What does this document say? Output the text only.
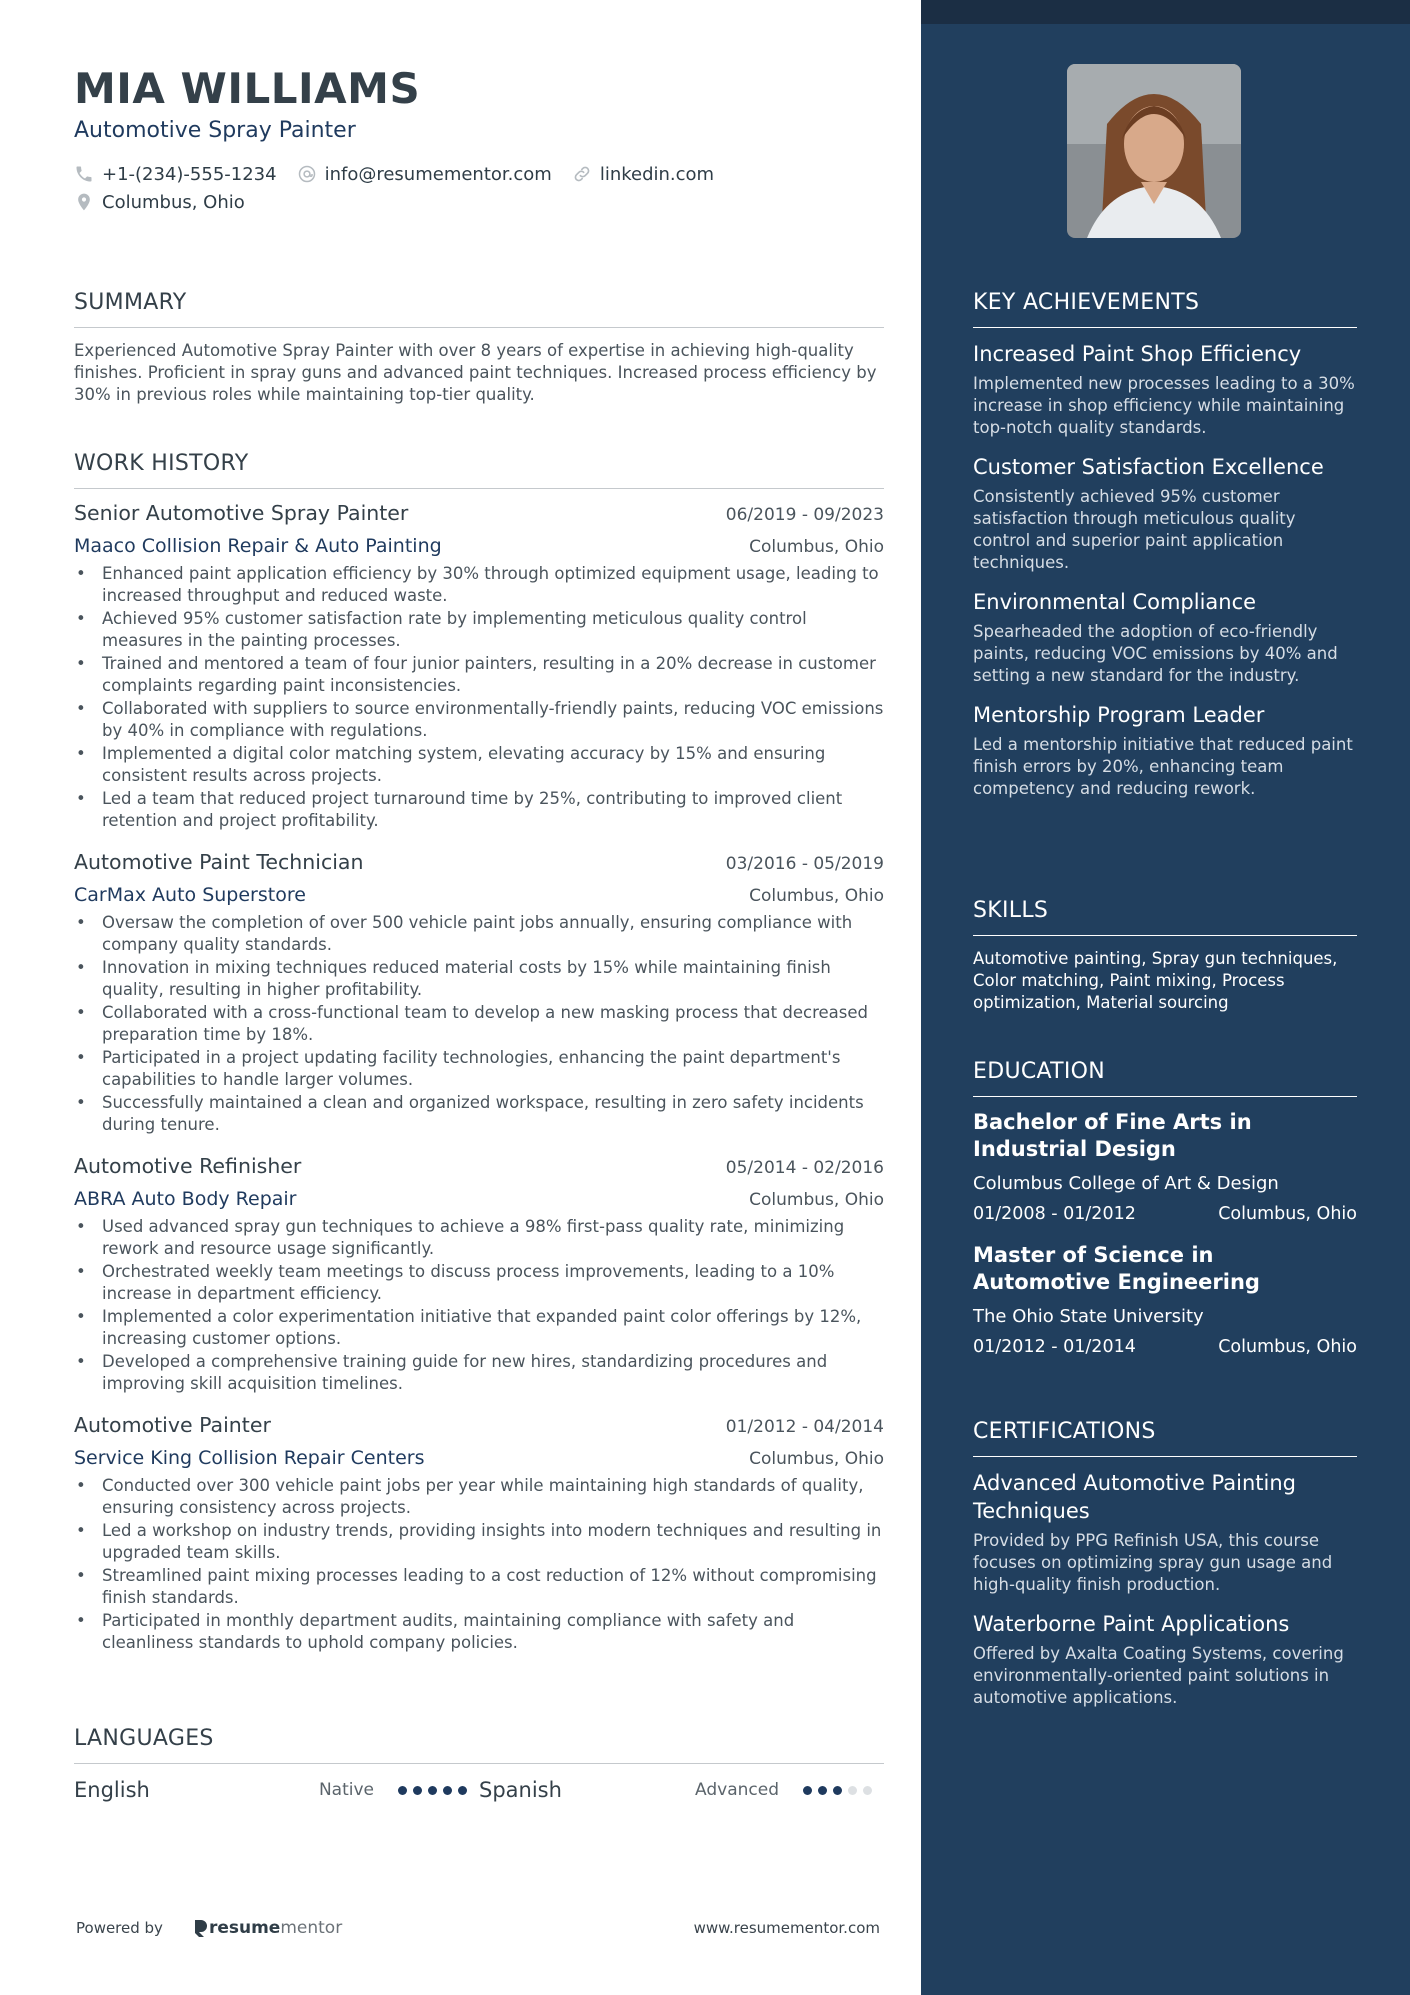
MIA WILLIAMS
Automotive Spray Painter
+1-(234)-555-1234	info@resumementor.com	linkedin.com
Columbus, Ohio
SUMMARY
Experienced Automotive Spray Painter with over 8 years of expertise in achieving high-quality finishes. Proficient in spray guns and advanced paint techniques. Increased process efficiency by 30% in previous roles while maintaining top-tier quality.
WORK HISTORY
Senior Automotive Spray Painter	06/2019 - 09/2023
Maaco Collision Repair & Auto Painting	Columbus, Ohio
• Enhanced paint application efficiency by 30% through optimized equipment usage, leading to increased throughput and reduced waste.
• Achieved 95% customer satisfaction rate by implementing meticulous quality control measures in the painting processes.
• Trained and mentored a team of four junior painters, resulting in a 20% decrease in customer complaints regarding paint inconsistencies.
• Collaborated with suppliers to source environmentally-friendly paints, reducing VOC emissions by 40% in compliance with regulations.
• Implemented a digital color matching system, elevating accuracy by 15% and ensuring consistent results across projects.
• Led a team that reduced project turnaround time by 25%, contributing to improved client retention and project profitability.
Automotive Paint Technician	03/2016 - 05/2019
CarMax Auto Superstore	Columbus, Ohio
• Oversaw the completion of over 500 vehicle paint jobs annually, ensuring compliance with company quality standards.
• Innovation in mixing techniques reduced material costs by 15% while maintaining finish quality, resulting in higher profitability.
• Collaborated with a cross-functional team to develop a new masking process that decreased preparation time by 18%.
• Participated in a project updating facility technologies, enhancing the paint department's capabilities to handle larger volumes.
• Successfully maintained a clean and organized workspace, resulting in zero safety incidents during tenure.
Automotive Refinisher	05/2014 - 02/2016
ABRA Auto Body Repair	Columbus, Ohio
• Used advanced spray gun techniques to achieve a 98% first-pass quality rate, minimizing rework and resource usage significantly.
• Orchestrated weekly team meetings to discuss process improvements, leading to a 10% increase in department efficiency.
• Implemented a color experimentation initiative that expanded paint color offerings by 12%, increasing customer options.
• Developed a comprehensive training guide for new hires, standardizing procedures and improving skill acquisition timelines.
Automotive Painter	01/2012 - 04/2014
Service King Collision Repair Centers	Columbus, Ohio
• Conducted over 300 vehicle paint jobs per year while maintaining high standards of quality, ensuring consistency across projects.
• Led a workshop on industry trends, providing insights into modern techniques and resulting in upgraded team skills.
• Streamlined paint mixing processes leading to a cost reduction of 12% without compromising finish standards.
• Participated in monthly department audits, maintaining compliance with safety and cleanliness standards to uphold company policies.
LANGUAGES
English	Native	Spanish	Advanced
Powered by	resume mentor	www.resumementor.com
KEY ACHIEVEMENTS
Increased Paint Shop Efficiency
Implemented new processes leading to a 30% increase in shop efficiency while maintaining top-notch quality standards.
Customer Satisfaction Excellence
Consistently achieved 95% customer satisfaction through meticulous quality control and superior paint application techniques.
Environmental Compliance
Spearheaded the adoption of eco-friendly paints, reducing VOC emissions by 40% and setting a new standard for the industry.
Mentorship Program Leader
Led a mentorship initiative that reduced paint finish errors by 20%, enhancing team competency and reducing rework.
SKILLS
Automotive painting, Spray gun techniques, Color matching, Paint mixing, Process optimization, Material sourcing
EDUCATION
Bachelor of Fine Arts in Industrial Design
Columbus College of Art & Design
01/2008 - 01/2012	Columbus, Ohio
Master of Science in Automotive Engineering
The Ohio State University
01/2012 - 01/2014	Columbus, Ohio
CERTIFICATIONS
Advanced Automotive Painting Techniques
Provided by PPG Refinish USA, this course focuses on optimizing spray gun usage and high-quality finish production.
Waterborne Paint Applications
Offered by Axalta Coating Systems, covering environmentally-oriented paint solutions in automotive applications.
